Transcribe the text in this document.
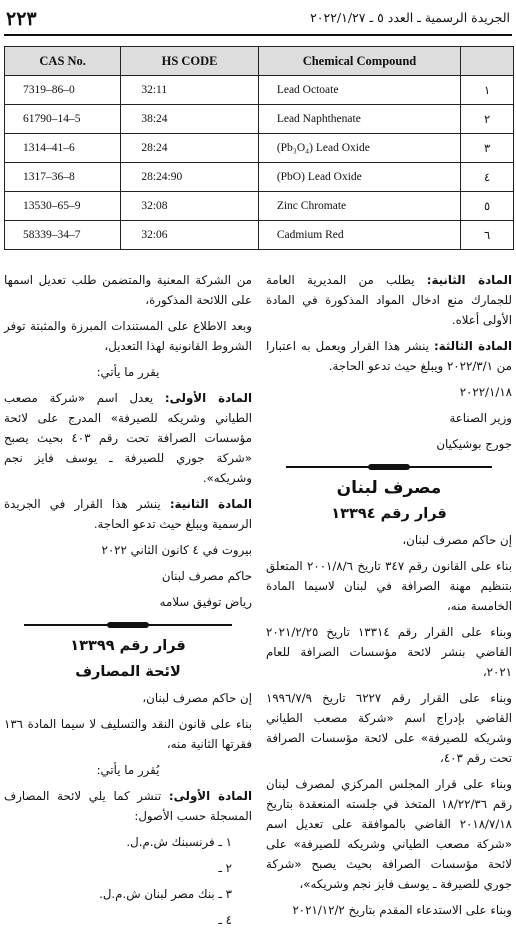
٢٢٣	الجريدة الرسمية ـ العدد ٥ ـ ٢٠٢٢/١/٢٧
CAS No.	HS CODE	Chemical Compound	
7319–86–0	32:11	Lead Octoate	١
61790–14–5	38:24	Lead Naphthenate	٢
1314–41–6	28:24	(Pb₃O₄) Lead Oxide	٣
1317–36–8	28:24:90	(PbO) Lead Oxide	٤
13530–65–9	32:08	Zinc Chromate	٥
58339–34–7	32:06	Cadmium Red	٦

المادة الثانية: يطلب من المديرية العامة للجمارك منع ادخال المواد المذكورة في المادة الأولى أعلاه.

المادة الثالثة: ينشر هذا القرار ويعمل به اعتبارا من ٢٠٢٢/٣/١ ويبلغ حيث تدعو الحاجة.

٢٠٢٢/١/١٨

وزير الصناعة

جورج بوشيكيان

مصرف لبنان

قرار رقم ١٣٣٩٤

إن حاكم مصرف لبنان،

بناء على القانون رقم ٣٤٧ تاريخ ٢٠٠١/٨/٦ المتعلق بتنظيم مهنة الصرافة في لبنان لاسيما المادة الخامسة منه،

وبناء على القرار رقم ١٣٣١٤ تاريخ ٢٠٢١/٢/٢٥ القاضي بنشر لائحة مؤسسات الصرافة للعام ٢٠٢١،

وبناء على القرار رقم ٦٢٢٧ تاريخ ١٩٩٦/٧/٩ القاضي بإدراج اسم «شركة مصعب الطياني وشريكه للصيرفة» على لائحة مؤسسات الصرافة تحت رقم ٤٠٣،

وبناء على قرار المجلس المركزي لمصرف لبنان رقم ١٨/٢٢/٣٦ المتخذ في جلسته المنعقدة بتاريخ ٢٠١٨/٧/١٨ القاضي بالموافقة على تعديل اسم «شركة مصعب الطياني وشريكه للصيرفة» على لائحة مؤسسات الصرافة بحيث يصبح «شركة جوري للصيرفة ـ يوسف فايز نجم وشريكه»،

وبناء على الاستدعاء المقدم بتاريخ ٢٠٢١/١٢/٢

من الشركة المعنية والمتضمن طلب تعديل اسمها على اللائحة المذكورة،

وبعد الاطلاع على المستندات المبرزة والمثبتة توفر الشروط القانونية لهذا التعديل،

يقرر ما يأتي:

المادة الأولى: يعدل اسم «شركة مصعب الطياني وشريكه للصيرفة» المدرج على لائحة مؤسسات الصرافة تحت رقم ٤٠٣ بحيث يصبح «شركة جوري للصيرفة ـ يوسف فايز نجم وشريكه».

المادة الثانية: ينشر هذا القرار في الجريدة الرسمية ويبلغ حيث تدعو الحاجة.

بيروت في ٤ كانون الثاني ٢٠٢٢

حاكم مصرف لبنان

رياض توفيق سلامه

قرار رقم ١٣٣٩٩

لائحة المصارف

إن حاكم مصرف لبنان،

بناء على قانون النقد والتسليف لا سيما المادة ١٣٦ فقرتها الثانية منه،

يُقرر ما يأتي:

المادة الأولى: تنشر كما يلي لائحة المصارف المسجلة حسب الأصول:

١ ـ فرنسبنك ش.م.ل.

٢ ـ

٣ ـ بنك مصر لبنان ش.م.ل.

٤ ـ
